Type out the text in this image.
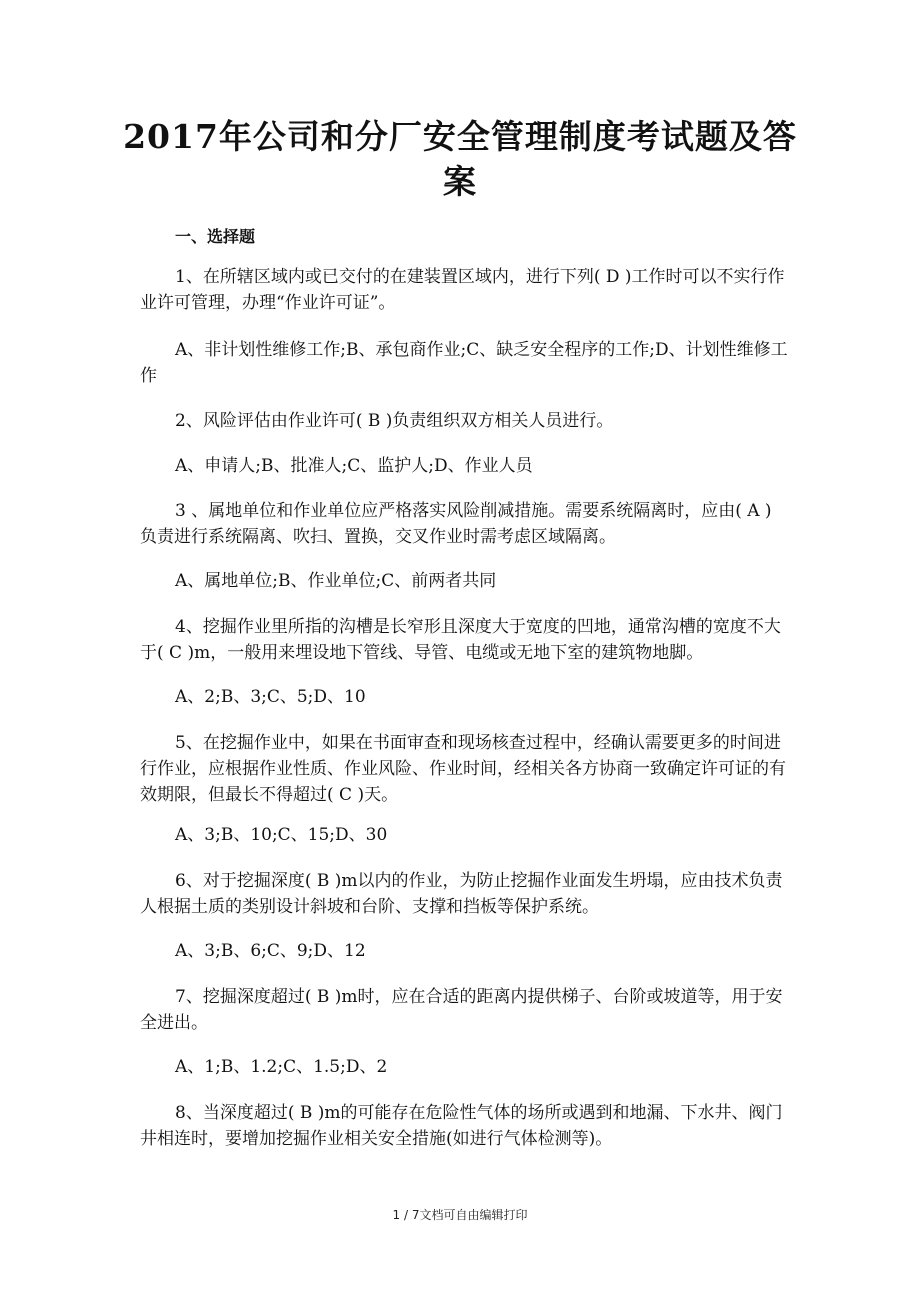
2017年公司和分厂安全管理制度考试题及答案
一、选择题
1、在所辖区域内或已交付的在建装置区域内，进行下列( D )工作时可以不实行作业许可管理，办理“作业许可证”。
A、非计划性维修工作;B、承包商作业;C、缺乏安全程序的工作;D、计划性维修工作
2、风险评估由作业许可( B )负责组织双方相关人员进行。
A、申请人;B、批准人;C、监护人;D、作业人员
3 、属地单位和作业单位应严格落实风险削减措施。需要系统隔离时，应由( A )负责进行系统隔离、吹扫、置换，交叉作业时需考虑区域隔离。
A、属地单位;B、作业单位;C、前两者共同
4、挖掘作业里所指的沟槽是长窄形且深度大于宽度的凹地，通常沟槽的宽度不大于( C )m，一般用来埋设地下管线、导管、电缆或无地下室的建筑物地脚。
A、2;B、3;C、5;D、10
5、在挖掘作业中，如果在书面审查和现场核查过程中，经确认需要更多的时间进行作业，应根据作业性质、作业风险、作业时间，经相关各方协商一致确定许可证的有效期限，但最长不得超过( C )天。
A、3;B、10;C、15;D、30
6、对于挖掘深度( B )m以内的作业，为防止挖掘作业面发生坍塌，应由技术负责人根据土质的类别设计斜坡和台阶、支撑和挡板等保护系统。
A、3;B、6;C、9;D、12
7、挖掘深度超过( B )m时，应在合适的距离内提供梯子、台阶或坡道等，用于安全进出。
A、1;B、1.2;C、1.5;D、2
8、当深度超过( B )m的可能存在危险性气体的场所或遇到和地漏、下水井、阀门井相连时，要增加挖掘作业相关安全措施(如进行气体检测等)。
1 / 7文档可自由编辑打印
